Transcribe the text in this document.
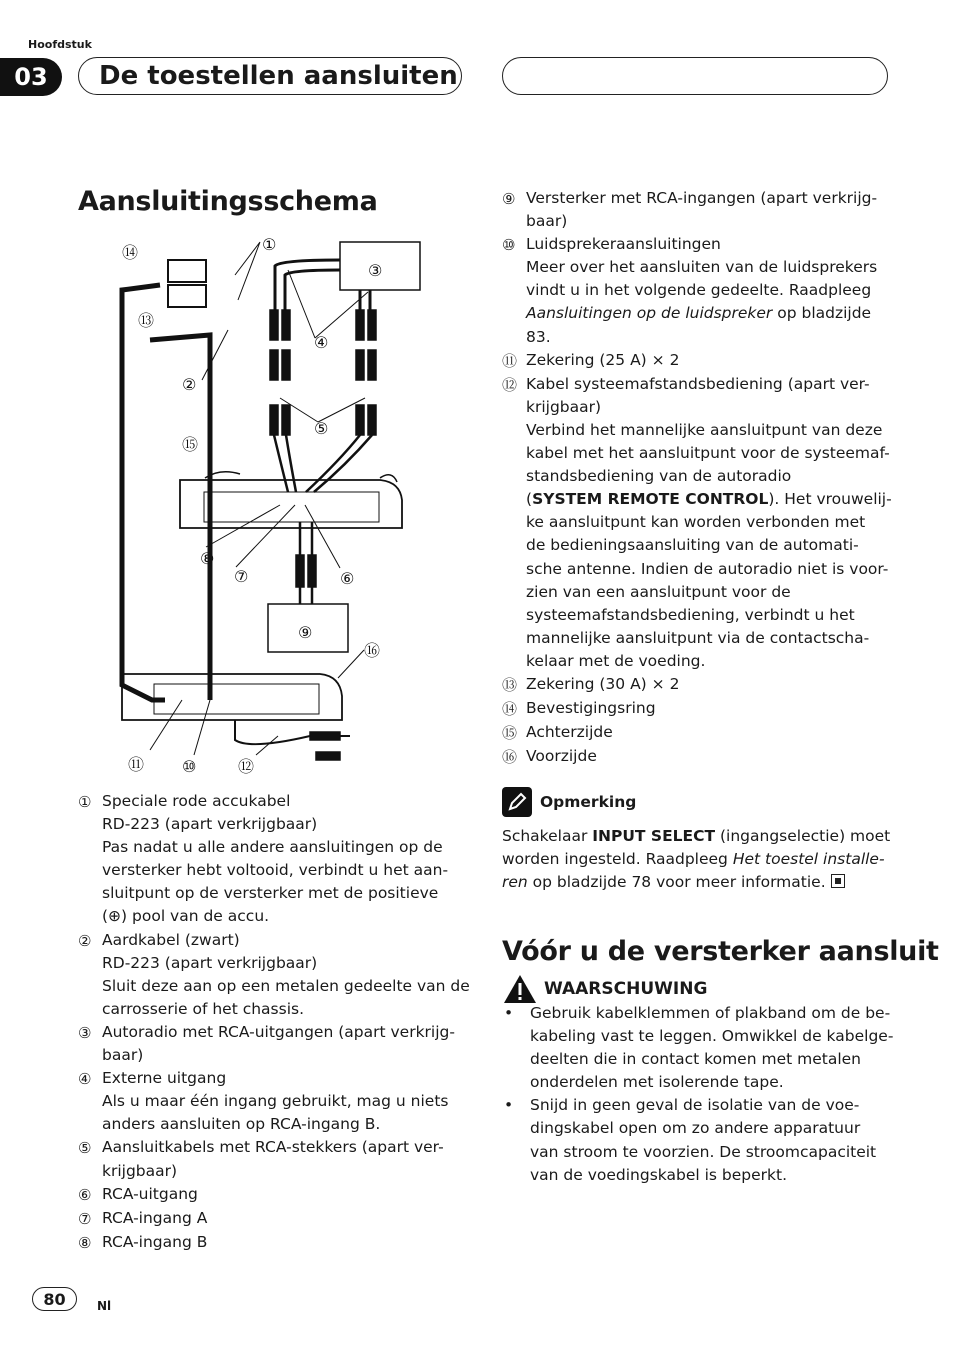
Hoofdstuk
03	De toestellen aansluiten
Aansluitingsschema
①
②
③
④
⑤
⑥
⑦
⑧
⑨
⑩
⑪	⑫
⑬
⑭
⑮
⑯
① Speciale rode accukabel
RD-223 (apart verkrijgbaar)
Pas nadat u alle andere aansluitingen op de
versterker hebt voltooid, verbindt u het aan-
sluitpunt op de versterker met de positieve
(⊕) pool van de accu.
② Aardkabel (zwart)
RD-223 (apart verkrijgbaar)
Sluit deze aan op een metalen gedeelte van de
carrosserie of het chassis.
③ Autoradio met RCA-uitgangen (apart verkrijg-
baar)
④ Externe uitgang
Als u maar één ingang gebruikt, mag u niets
anders aansluiten op RCA-ingang B.
⑤ Aansluitkabels met RCA-stekkers (apart ver-
krijgbaar)
⑥ RCA-uitgang
⑦ RCA-ingang A
⑧ RCA-ingang B
⑨ Versterker met RCA-ingangen (apart verkrijg-
baar)
⑩ Luidsprekeraansluitingen
Meer over het aansluiten van de luidsprekers
vindt u in het volgende gedeelte. Raadpleeg
Aansluitingen op de luidspreker op bladzijde
83.
⑪ Zekering (25 A) × 2
⑫ Kabel systeemafstandsbediening (apart ver-
krijgbaar)
Verbind het mannelijke aansluitpunt van deze
kabel met het aansluitpunt voor de systeemaf-
standsbediening van de autoradio
(SYSTEM REMOTE CONTROL). Het vrouwelij-
ke aansluitpunt kan worden verbonden met
de bedieningsaansluiting van de automati-
sche antenne. Indien de autoradio niet is voor-
zien van een aansluitpunt voor de
systeemafstandsbediening, verbindt u het
mannelijke aansluitpunt via de contactscha-
kelaar met de voeding.
⑬ Zekering (30 A) × 2
⑭ Bevestigingsring
⑮ Achterzijde
⑯ Voorzijde
Opmerking
Schakelaar INPUT SELECT (ingangselectie) moet
worden ingesteld. Raadpleeg Het toestel installe-
ren op bladzijde 78 voor meer informatie.
Vóór u de versterker aansluit
WAARSCHUWING
•	Gebruik kabelklemmen of plakband om de be-
kabeling vast te leggen. Omwikkel de kabelge-
deelten die in contact komen met metalen
onderdelen met isolerende tape.
•	Snijd in geen geval de isolatie van de voe-
dingskabel open om zo andere apparatuur
van stroom te voorzien. De stroomcapaciteit
van de voedingskabel is beperkt.
80	Nl
